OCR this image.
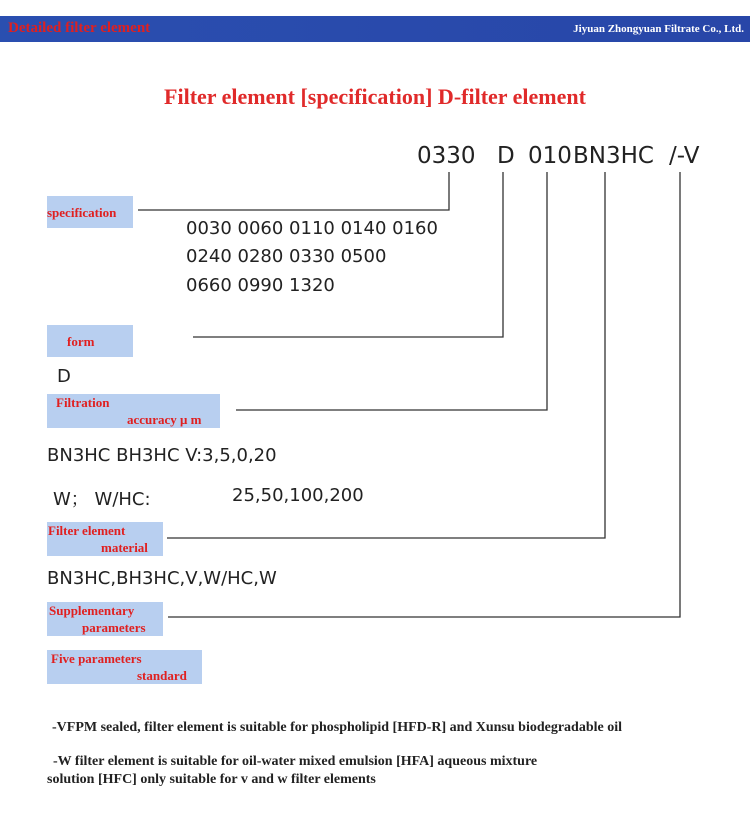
Detailed filter element	Jiyuan Zhongyuan Filtrate Co., Ltd.
Filter element [specification] D-filter element
0330 D 010 BN3HC /-V
specification
0030 0060 0110 0140 0160
0240 0280 0330 0500
0660 0990 1320
form
D
Filtration
accuracy μ m
BN3HC BH3HC V:3,5,0,20
W； W/HC:	25,50,100,200
Filter element
material
BN3HC,BH3HC,V,W/HC,W
Supplementary
parameters
Five parameters
standard
-VFPM sealed, filter element is suitable for phospholipid [HFD-R] and Xunsu biodegradable oil
-W filter element is suitable for oil-water mixed emulsion [HFA] aqueous mixture
solution [HFC] only suitable for v and w filter elements
